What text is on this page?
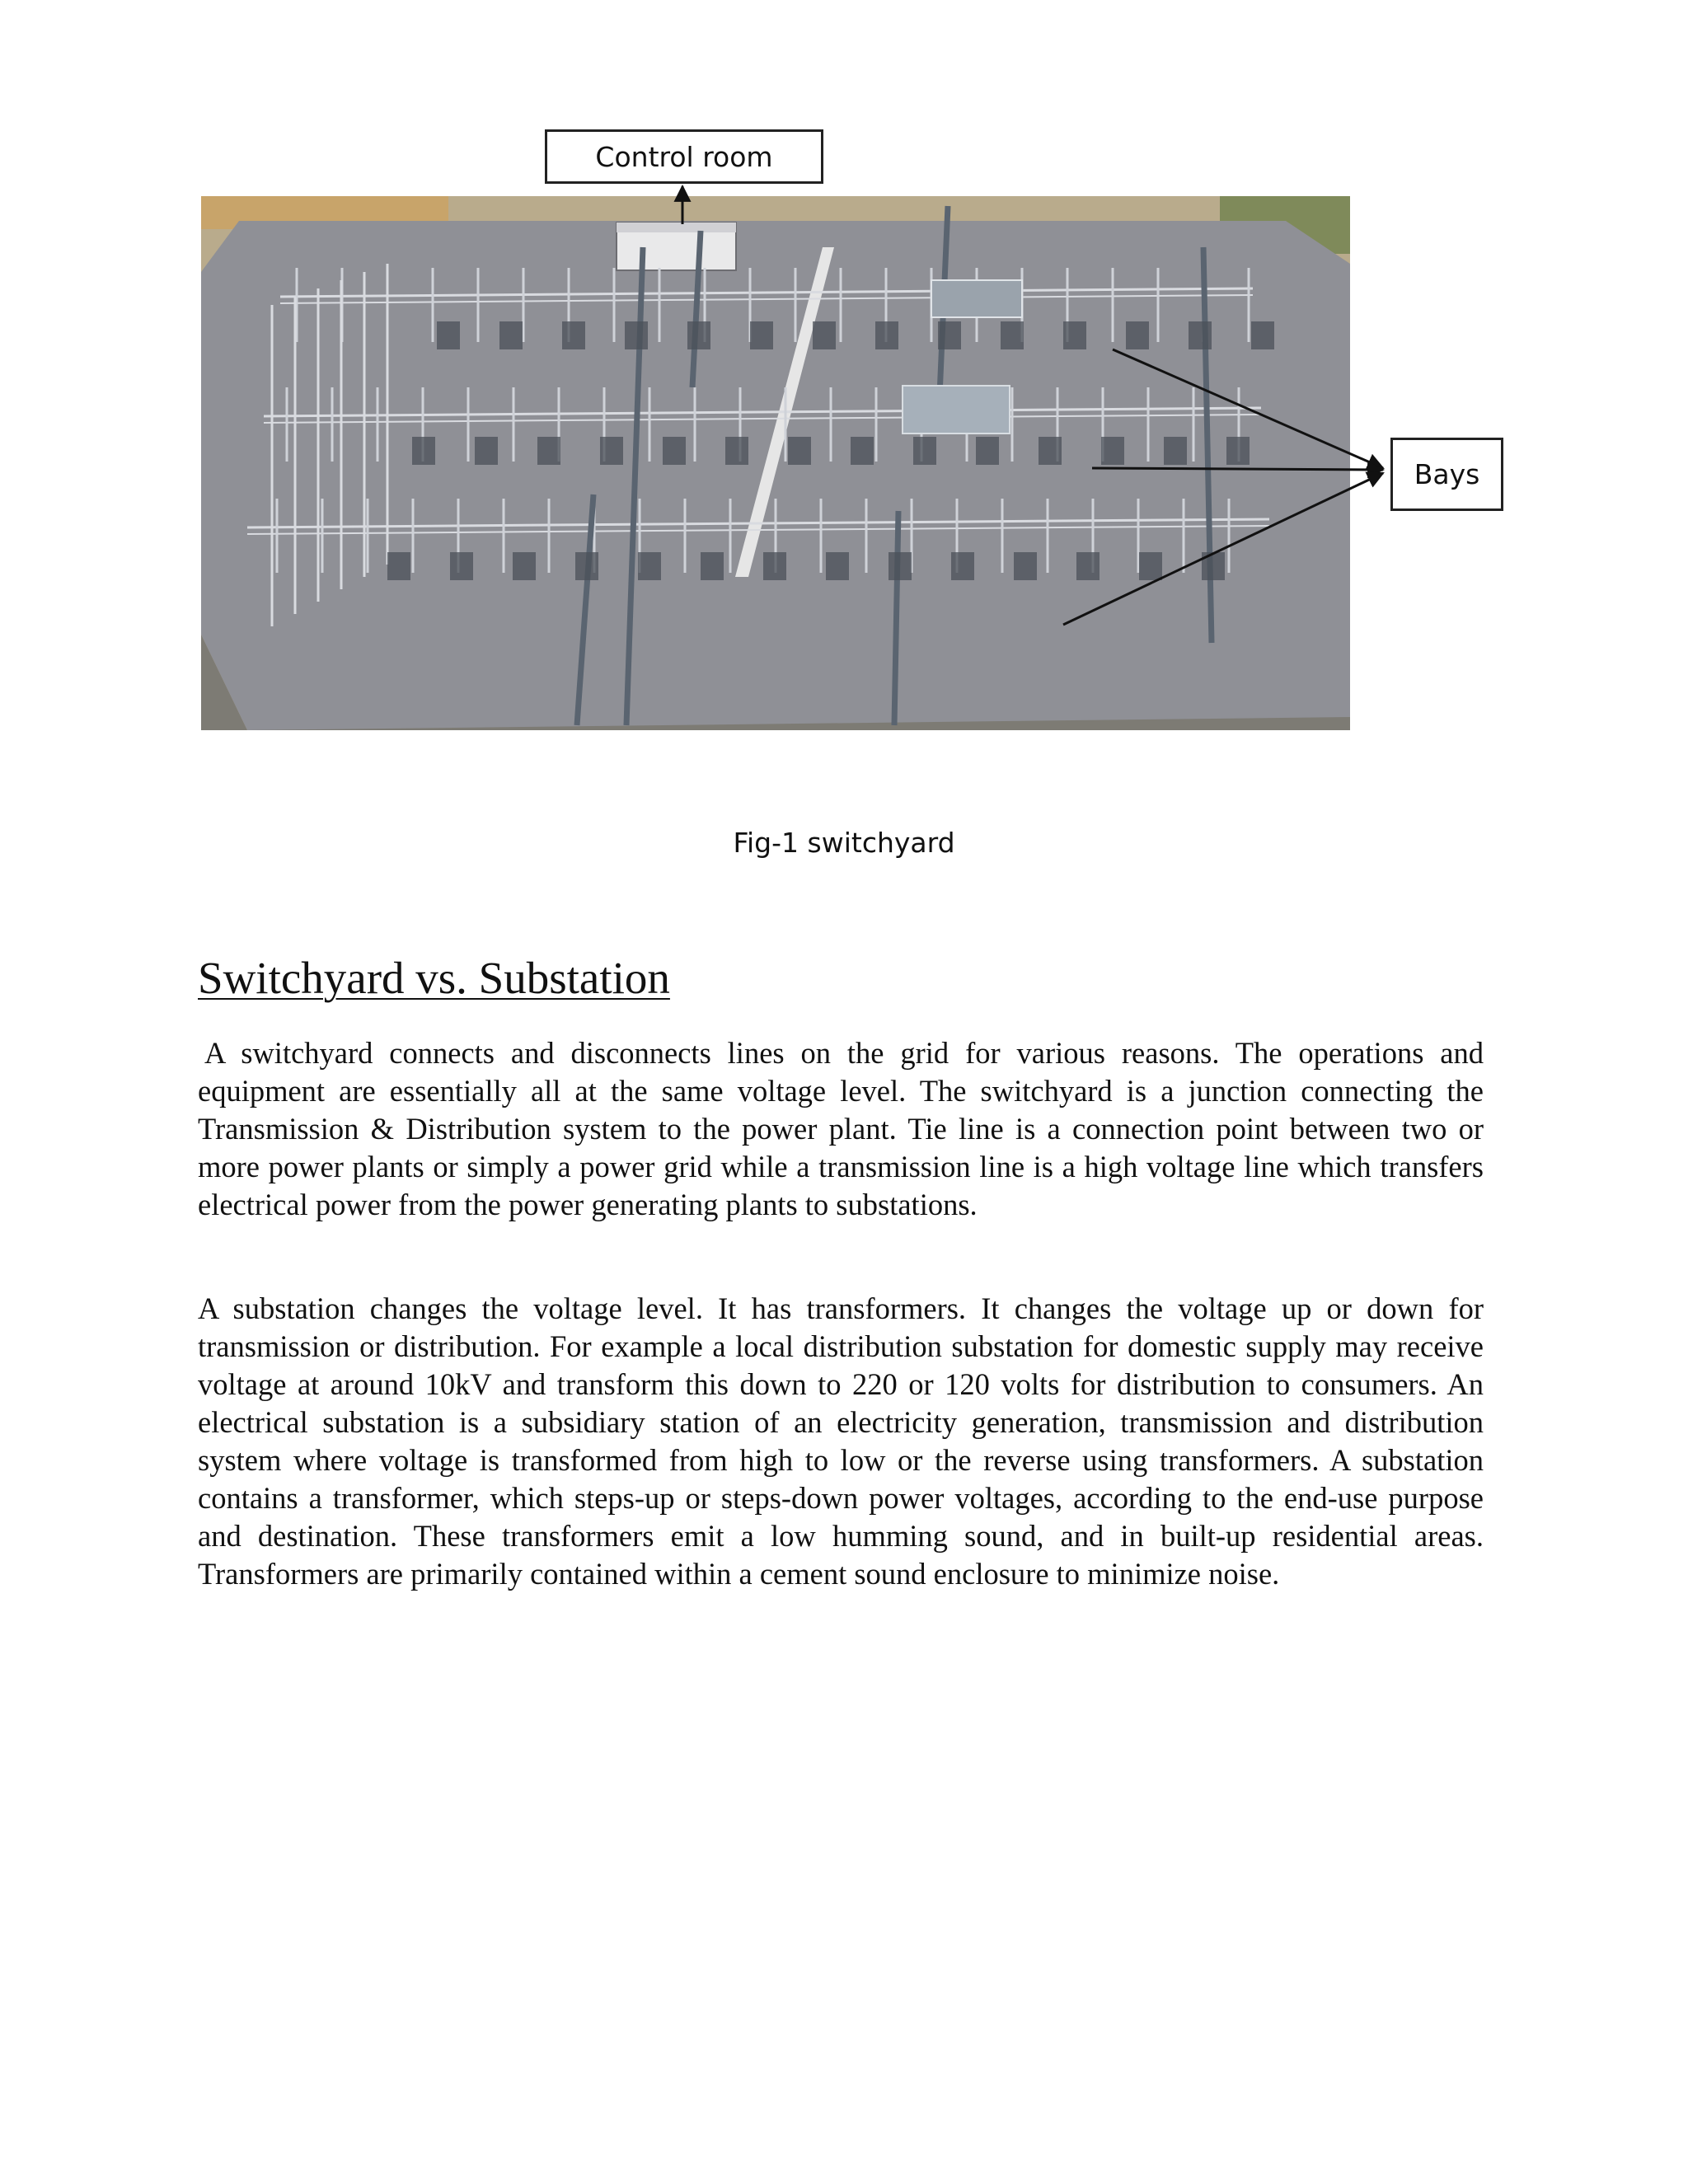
Control room
Bays
Fig-1 switchyard
Switchyard vs. Substation

A switchyard connects and disconnects lines on the grid for various reasons. The operations and equipment are essentially all at the same voltage level. The switchyard is a junction connecting the Transmission & Distribution system to the power plant. Tie line is a connection point between two or more power plants or simply a power grid while a transmission line is a high voltage line which transfers electrical power from the power generating plants to substations.

A substation changes the voltage level. It has transformers. It changes the voltage up or down for transmission or distribution. For example a local distribution substation for domestic supply may receive voltage at around 10kV and transform this down to 220 or 120 volts for distribution to consumers. An electrical substation is a subsidiary station of an electricity generation, transmission and distribution system where voltage is transformed from high to low or the reverse using transformers. A substation contains a transformer, which steps-up or steps-down power voltages, according to the end-use purpose and destination. These transformers emit a low humming sound, and in built-up residential areas. Transformers are primarily contained within a cement sound enclosure to minimize noise.
